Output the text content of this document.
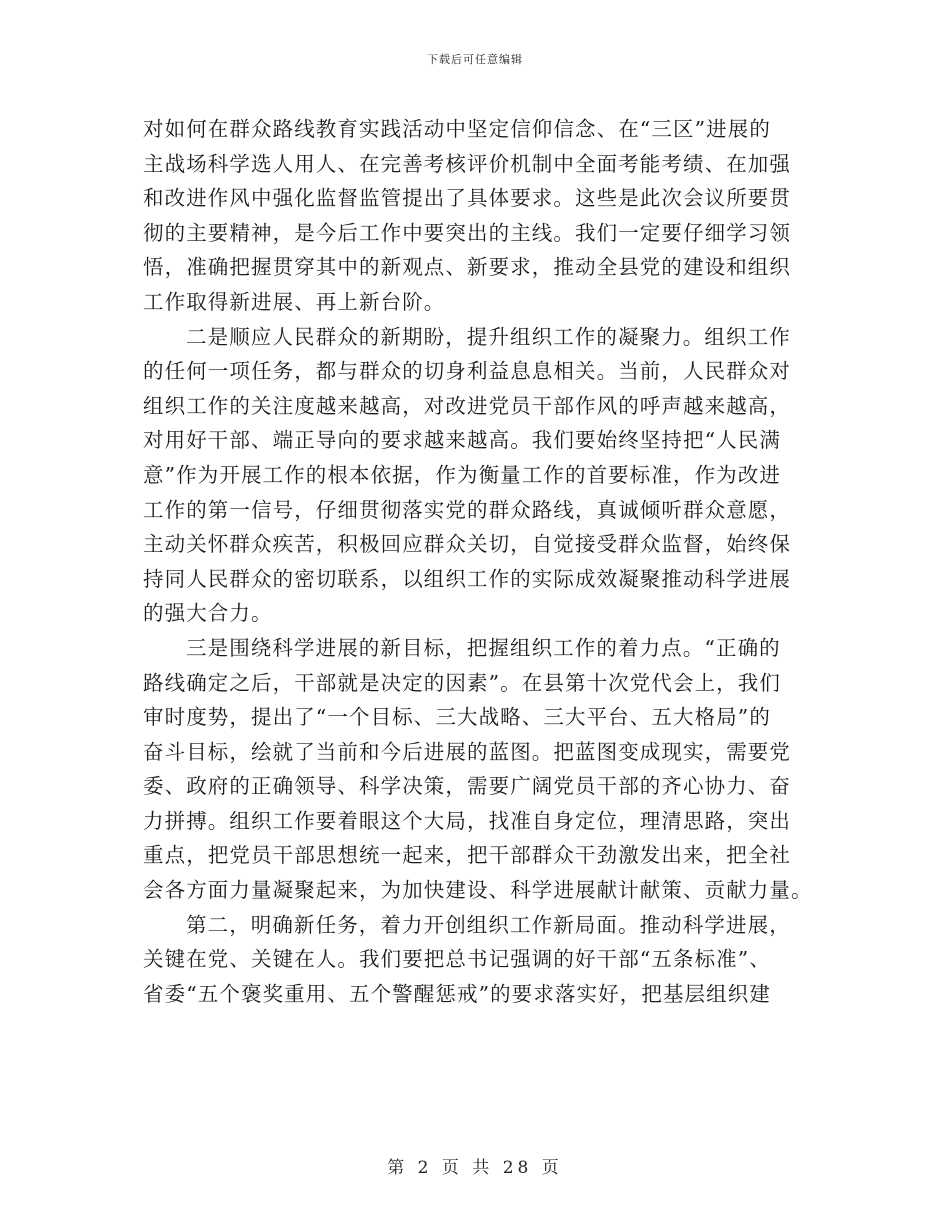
下载后可任意编辑

对如何在群众路线教育实践活动中坚定信仰信念、在“三区”进展的
主战场科学选人用人、在完善考核评价机制中全面考能考绩、在加强
和改进作风中强化监督监管提出了具体要求。这些是此次会议所要贯
彻的主要精神，是今后工作中要突出的主线。我们一定要仔细学习领
悟，准确把握贯穿其中的新观点、新要求，推动全县党的建设和组织
工作取得新进展、再上新台阶。

二是顺应人民群众的新期盼，提升组织工作的凝聚力。组织工作
的任何一项任务，都与群众的切身利益息息相关。当前，人民群众对
组织工作的关注度越来越高，对改进党员干部作风的呼声越来越高，
对用好干部、端正导向的要求越来越高。我们要始终坚持把“人民满
意”作为开展工作的根本依据，作为衡量工作的首要标准，作为改进
工作的第一信号，仔细贯彻落实党的群众路线，真诚倾听群众意愿，
主动关怀群众疾苦，积极回应群众关切，自觉接受群众监督，始终保
持同人民群众的密切联系，以组织工作的实际成效凝聚推动科学进展
的强大合力。

三是围绕科学进展的新目标，把握组织工作的着力点。“正确的
路线确定之后，干部就是决定的因素”。在县第十次党代会上，我们
审时度势，提出了“一个目标、三大战略、三大平台、五大格局”的
奋斗目标，绘就了当前和今后进展的蓝图。把蓝图变成现实，需要党
委、政府的正确领导、科学决策，需要广阔党员干部的齐心协力、奋
力拼搏。组织工作要着眼这个大局，找准自身定位，理清思路，突出
重点，把党员干部思想统一起来，把干部群众干劲激发出来，把全社
会各方面力量凝聚起来，为加快建设、科学进展献计献策、贡献力量。

第二，明确新任务，着力开创组织工作新局面。推动科学进展，
关键在党、关键在人。我们要把总书记强调的好干部“五条标准”、
省委“五个褒奖重用、五个警醒惩戒”的要求落实好，把基层组织建

第 2 页 共 28 页
